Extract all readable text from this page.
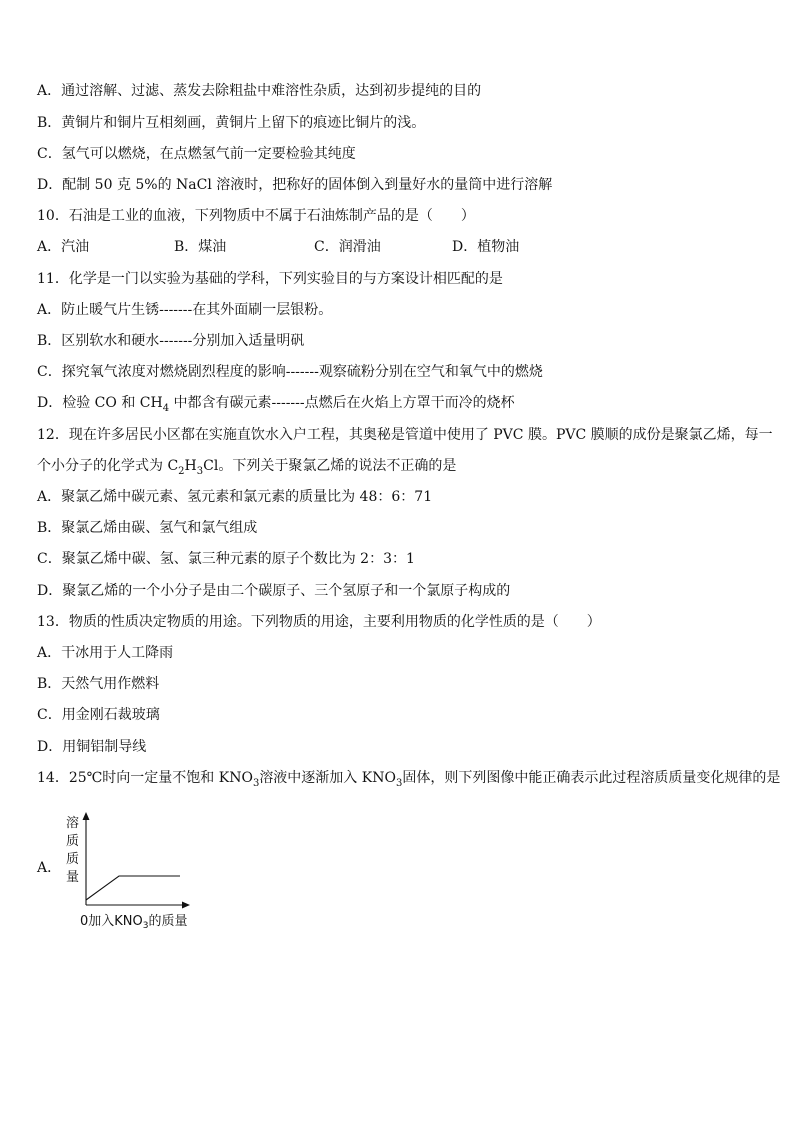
A．通过溶解、过滤、蒸发去除粗盐中难溶性杂质，达到初步提纯的目的
B．黄铜片和铜片互相刻画，黄铜片上留下的痕迹比铜片的浅。
C．氢气可以燃烧，在点燃氢气前一定要检验其纯度
D．配制 50 克 5%的 NaCl 溶液时，把称好的固体倒入到量好水的量筒中进行溶解
10．石油是工业的血液，下列物质中不属于石油炼制产品的是（　　）
A．汽油	B．煤油	C．润滑油	D．植物油
11．化学是一门以实验为基础的学科，下列实验目的与方案设计相匹配的是
A．防止暖气片生锈-------在其外面刷一层银粉。
B．区别软水和硬水-------分别加入适量明矾
C．探究氧气浓度对燃烧剧烈程度的影响-------观察硫粉分别在空气和氧气中的燃烧
D．检验 CO 和 $CH_4$ 中都含有碳元素-------点燃后在火焰上方罩干而冷的烧杯
12．现在许多居民小区都在实施直饮水入户工程，其奥秘是管道中使用了 PVC 膜。PVC 膜顺的成份是聚氯乙烯，每一
个小分子的化学式为 $C_2H_3Cl$。下列关于聚氯乙烯的说法不正确的是
A．聚氯乙烯中碳元素、氢元素和氯元素的质量比为 48：6：71
B．聚氯乙烯由碳、氢气和氯气组成
C．聚氯乙烯中碳、氢、氯三种元素的原子个数比为 2：3：1
D．聚氯乙烯的一个小分子是由二个碳原子、三个氢原子和一个氯原子构成的
13．物质的性质决定物质的用途。下列物质的用途，主要利用物质的化学性质的是（　　）
A．干冰用于人工降雨
B．天然气用作燃料
C．用金刚石裁玻璃
D．用铜铝制导线
14．25℃时向一定量不饱和 $KNO_3$溶液中逐渐加入 $KNO_3$固体，则下列图像中能正确表示此过程溶质质量变化规律的是
A．
溶
质
质
量
0加入$KNO_3$的质量
